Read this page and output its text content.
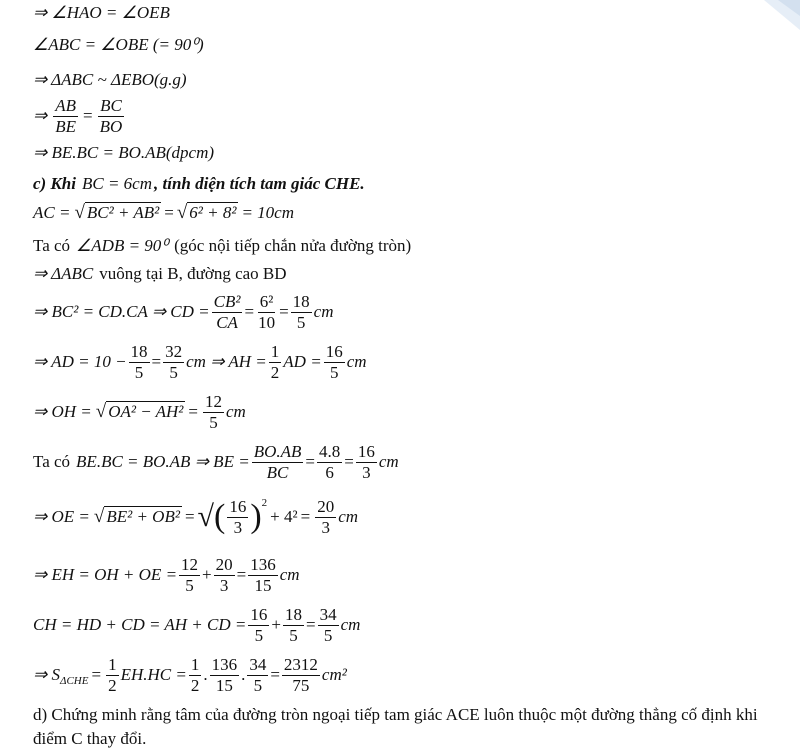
⇒ ∠HAO = ∠OEB
∠ABC = ∠OBE (= 90⁰)
⇒ ΔABC ~ ΔEBO(g.g)
⇒ $\frac{AB}{BE} = \frac{BC}{BO}$
⇒ BE.BC = BO.AB(dpcm)
c) Khi BC = 6cm , tính diện tích tam giác CHE.
AC = √ BC² + AB² = √ 6² + 8² = 10cm
Ta có ∠ADB = 90⁰ (góc nội tiếp chắn nửa đường tròn)
⇒ ΔABC vuông tại B, đường cao BD
⇒ BC² = CD.CA ⇒ CD = $\frac{\text{CB²}}{CA} = \frac{\text{6²}}{10} = \frac{18}{5}$ cm
⇒ AD = $10 - \frac{18}{5} = \frac{32}{5}$ cm ⇒ AH = $\frac{1}{2}$ AD = $\frac{16}{5}$ cm
⇒ OH = √ $OA^2 - AH^2 = \frac{12}{5}$ cm
Ta có BE.BC = BO.AB ⇒ BE = $\frac{BO.AB}{BC} = \frac{4.8}{6} = \frac{16}{3}$ cm
⇒ OE = √ BE² + OB² = √ ( $\frac{16}{3}$ ) 2
+ $4^2 = \frac{20}{3}$ cm
⇒ EH = OH + OE = $\frac{12}{5} + \frac{20}{3} = \frac{136}{15}$ cm
CH = HD + CD = AH + CD = $\frac{16}{5} + \frac{18}{5} = \frac{34}{5}$ cm
⇒ S $\Delta CHE = \frac{1}{2} EH.HC = \frac{1}{2}$ . $\frac{136}{15}$ . $\frac{34}{5} = \frac{2312}{75} cm^2$
d) Chứng minh rằng tâm của đường tròn ngoại tiếp tam giác ACE luôn thuộc một đường thẳng cố định khi điểm C thay đổi.
